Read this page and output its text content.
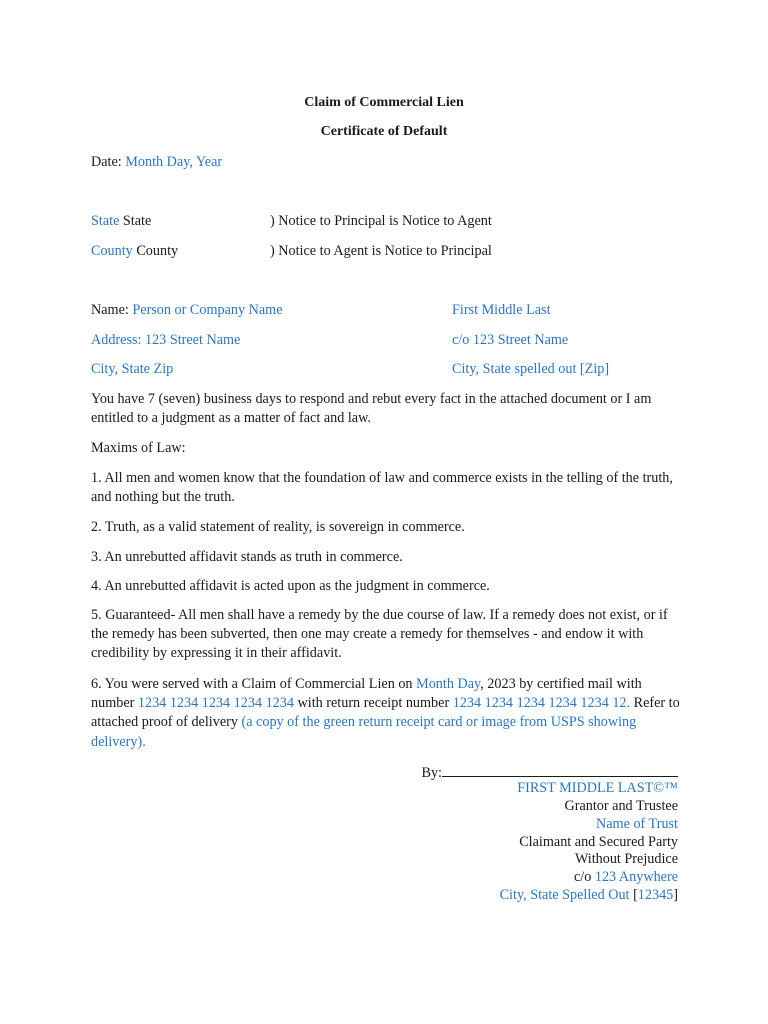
Claim of Commercial Lien
Certificate of Default
Date: Month Day, Year
State State	) Notice to Principal is Notice to Agent
County County	) Notice to Agent is Notice to Principal
Name: Person or Company Name	First Middle Last
Address: 123 Street Name	c/o 123 Street Name
City, State Zip	City, State spelled out [Zip]
You have 7 (seven) business days to respond and rebut every fact in the attached document or I am entitled to a judgment as a matter of fact and law.
Maxims of Law:
1. All men and women know that the foundation of law and commerce exists in the telling of the truth, and nothing but the truth.
2. Truth, as a valid statement of reality, is sovereign in commerce.
3. An unrebutted affidavit stands as truth in commerce.
4. An unrebutted affidavit is acted upon as the judgment in commerce.
5. Guaranteed- All men shall have a remedy by the due course of law. If a remedy does not exist, or if the remedy has been subverted, then one may create a remedy for themselves - and endow it with credibility by expressing it in their affidavit.
6. You were served with a Claim of Commercial Lien on Month Day, 2023 by certified mail with number 1234 1234 1234 1234 1234 with return receipt number 1234 1234 1234 1234 1234 12. Refer to attached proof of delivery (a copy of the green return receipt card or image from USPS showing delivery).
By:
FIRST MIDDLE LAST©™
Grantor and Trustee
Name of Trust
Claimant and Secured Party
Without Prejudice
c/o 123 Anywhere
City, State Spelled Out [12345]
